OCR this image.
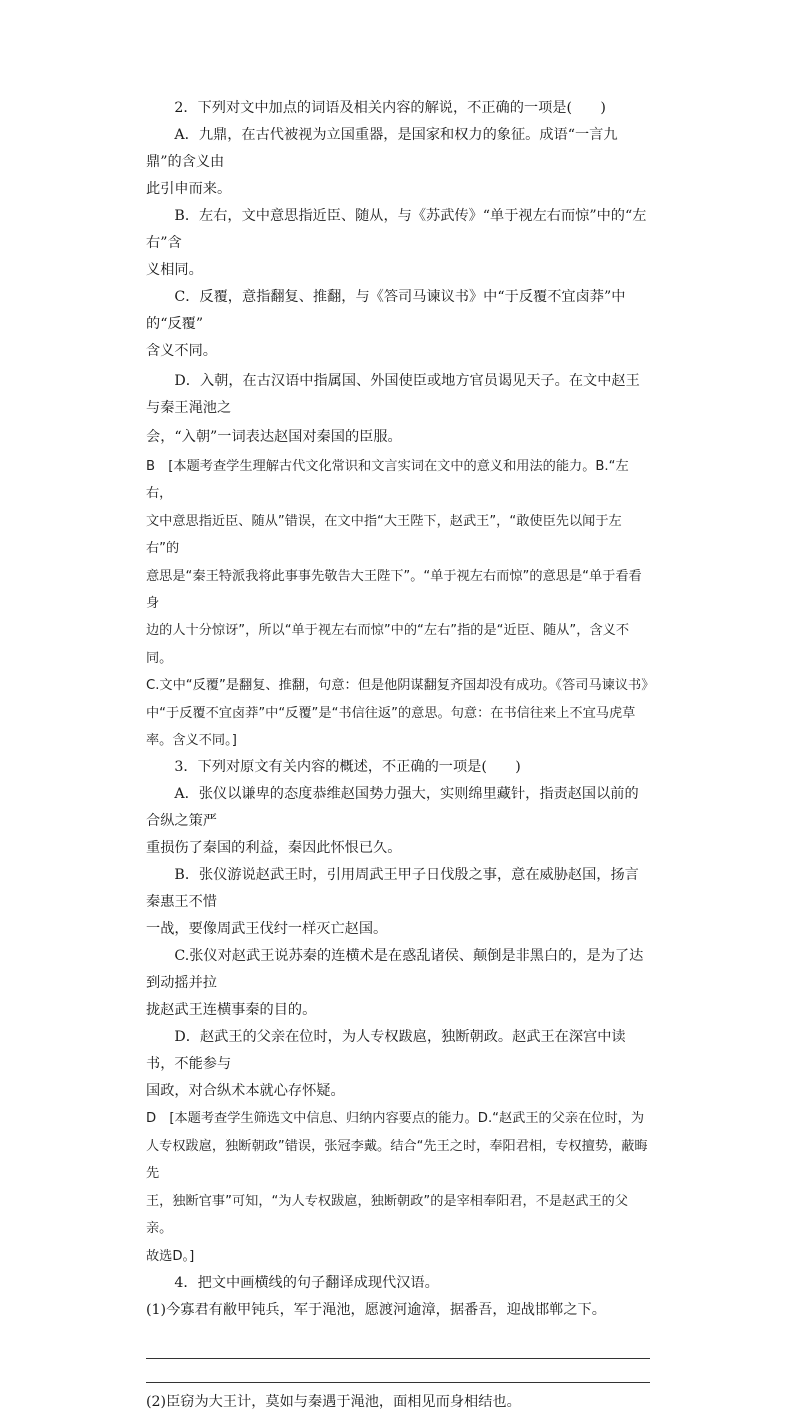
2．下列对文中加点的词语及相关内容的解说，不正确的一项是(　　)

A．九鼎，在古代被视为立国重器，是国家和权力的象征。成语“一言九鼎”的含义由

此引申而来。

B．左右，文中意思指近臣、随从，与《苏武传》“单于视左右而惊”中的“左右”含

义相同。

C．反覆，意指翻复、推翻，与《答司马谏议书》中“于反覆不宜卤莽”中的“反覆”

含义不同。

D．入朝，在古汉语中指属国、外国使臣或地方官员谒见天子。在文中赵王与秦王渑池之

会，“入朝”一词表达赵国对秦国的臣服。

B　[本题考查学生理解古代文化常识和文言实词在文中的意义和用法的能力。B.“左右，

文中意思指近臣、随从”错误，在文中指“大王陛下，赵武王”，“敢使臣先以闻于左右”的

意思是“秦王特派我将此事事先敬告大王陛下”。“单于视左右而惊”的意思是“单于看看身

边的人十分惊讶”，所以“单于视左右而惊”中的“左右”指的是“近臣、随从”，含义不同。

C.文中“反覆”是翻复、推翻，句意：但是他阴谋翻复齐国却没有成功。《答司马谏议书》

中“于反覆不宜卤莽”中“反覆”是“书信往返”的意思。句意：在书信往来上不宜马虎草

率。含义不同。]

3．下列对原文有关内容的概述，不正确的一项是(　　)

A．张仪以谦卑的态度恭维赵国势力强大，实则绵里藏针，指责赵国以前的合纵之策严

重损伤了秦国的利益，秦因此怀恨已久。

B．张仪游说赵武王时，引用周武王甲子日伐殷之事，意在威胁赵国，扬言秦惠王不惜

一战，要像周武王伐纣一样灭亡赵国。

C.张仪对赵武王说苏秦的连横术是在惑乱诸侯、颠倒是非黑白的，是为了达到动摇并拉

拢赵武王连横事秦的目的。

D．赵武王的父亲在位时，为人专权跋扈，独断朝政。赵武王在深宫中读书，不能参与

国政，对合纵术本就心存怀疑。

D　[本题考查学生筛选文中信息、归纳内容要点的能力。D.“赵武王的父亲在位时，为

人专权跋扈，独断朝政”错误，张冠李戴。结合“先王之时，奉阳君相，专权擅势，蔽晦先

王，独断官事”可知，“为人专权跋扈，独断朝政”的是宰相奉阳君，不是赵武王的父亲。

故选D。]

4．把文中画横线的句子翻译成现代汉语。

(1)今寡君有敝甲钝兵，军于渑池，愿渡河逾漳，据番吾，迎战邯郸之下。

(2)臣窃为大王计，莫如与秦遇于渑池，面相见而身相结也。
